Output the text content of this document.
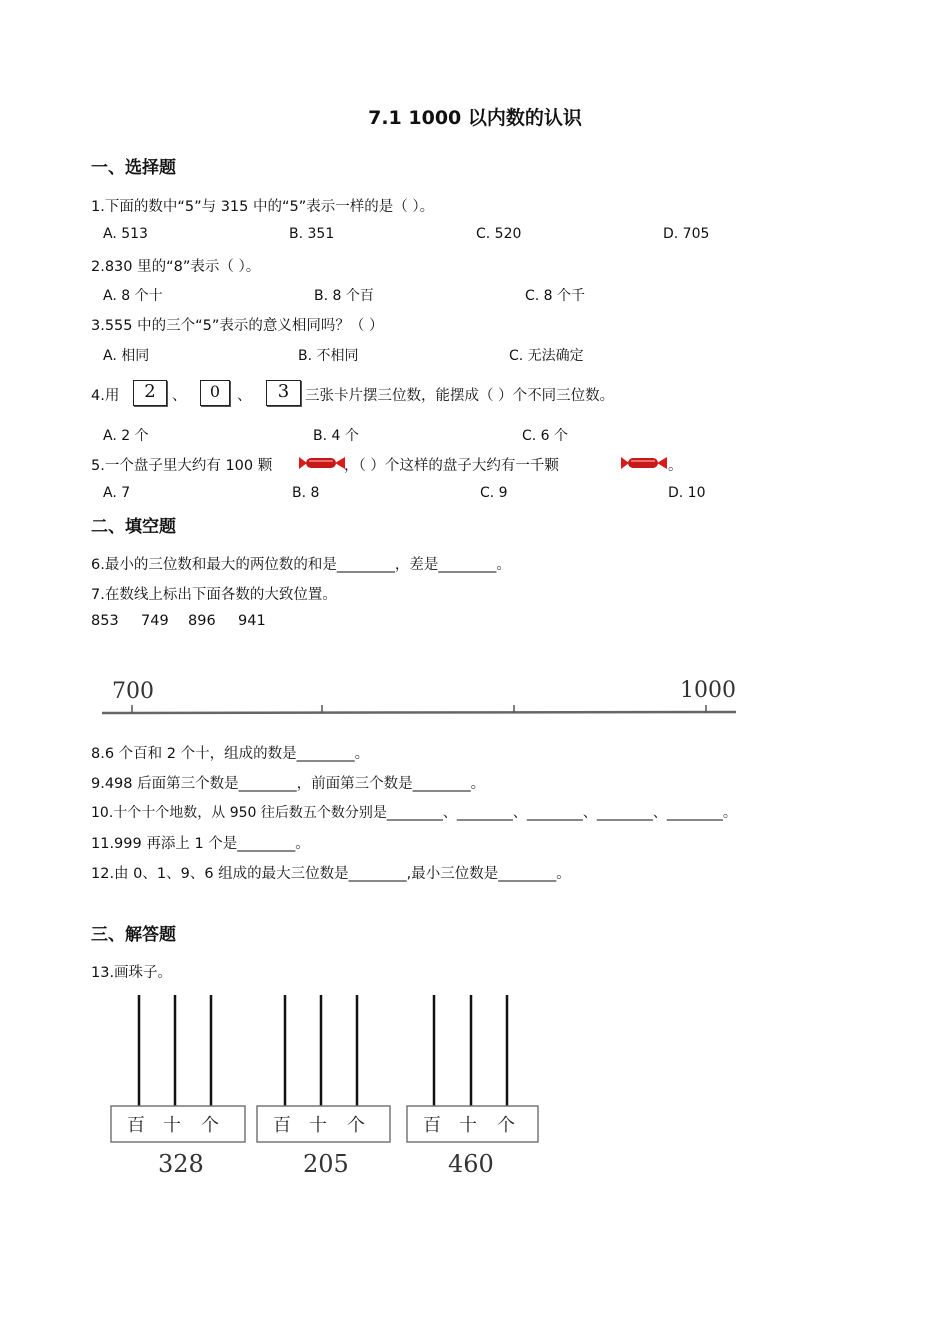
7.1 1000 以内数的认识
一、选择题
1.下面的数中“5”与 315 中的“5”表示一样的是（ ）。
A. 513	B. 351	C. 520	D. 705
2.830 里的“8”表示（ ）。
A. 8 个十	B. 8 个百	C. 8 个千
3.555 中的三个“5”表示的意义相同吗？（ ）
A. 相同	B. 不相同	C. 无法确定
4.用	2	、	0	、	3	三张卡片摆三位数，能摆成（ ）个不同三位数。
A. 2 个	B. 4 个	C. 6 个
5.一个盘子里大约有 100 颗	，（ ）个这样的盘子大约有一千颗	。
A. 7	B. 8	C. 9	D. 10
二、填空题
6.最小的三位数和最大的两位数的和是________，差是________。
7.在数线上标出下面各数的大致位置。
853 749 896 941
700	1000
8.6 个百和 2 个十，组成的数是________。
9.498 后面第三个数是________，前面第三个数是________。
10.十个十个地数，从 950 往后数五个数分别是________、________、________、________、________。
11.999 再添上 1 个是________。
12.由 0、1、9、6 组成的最大三位数是________,最小三位数是________。
三、解答题
13.画珠子。
百 十 个
328
百 十 个
205
百 十 个
460
